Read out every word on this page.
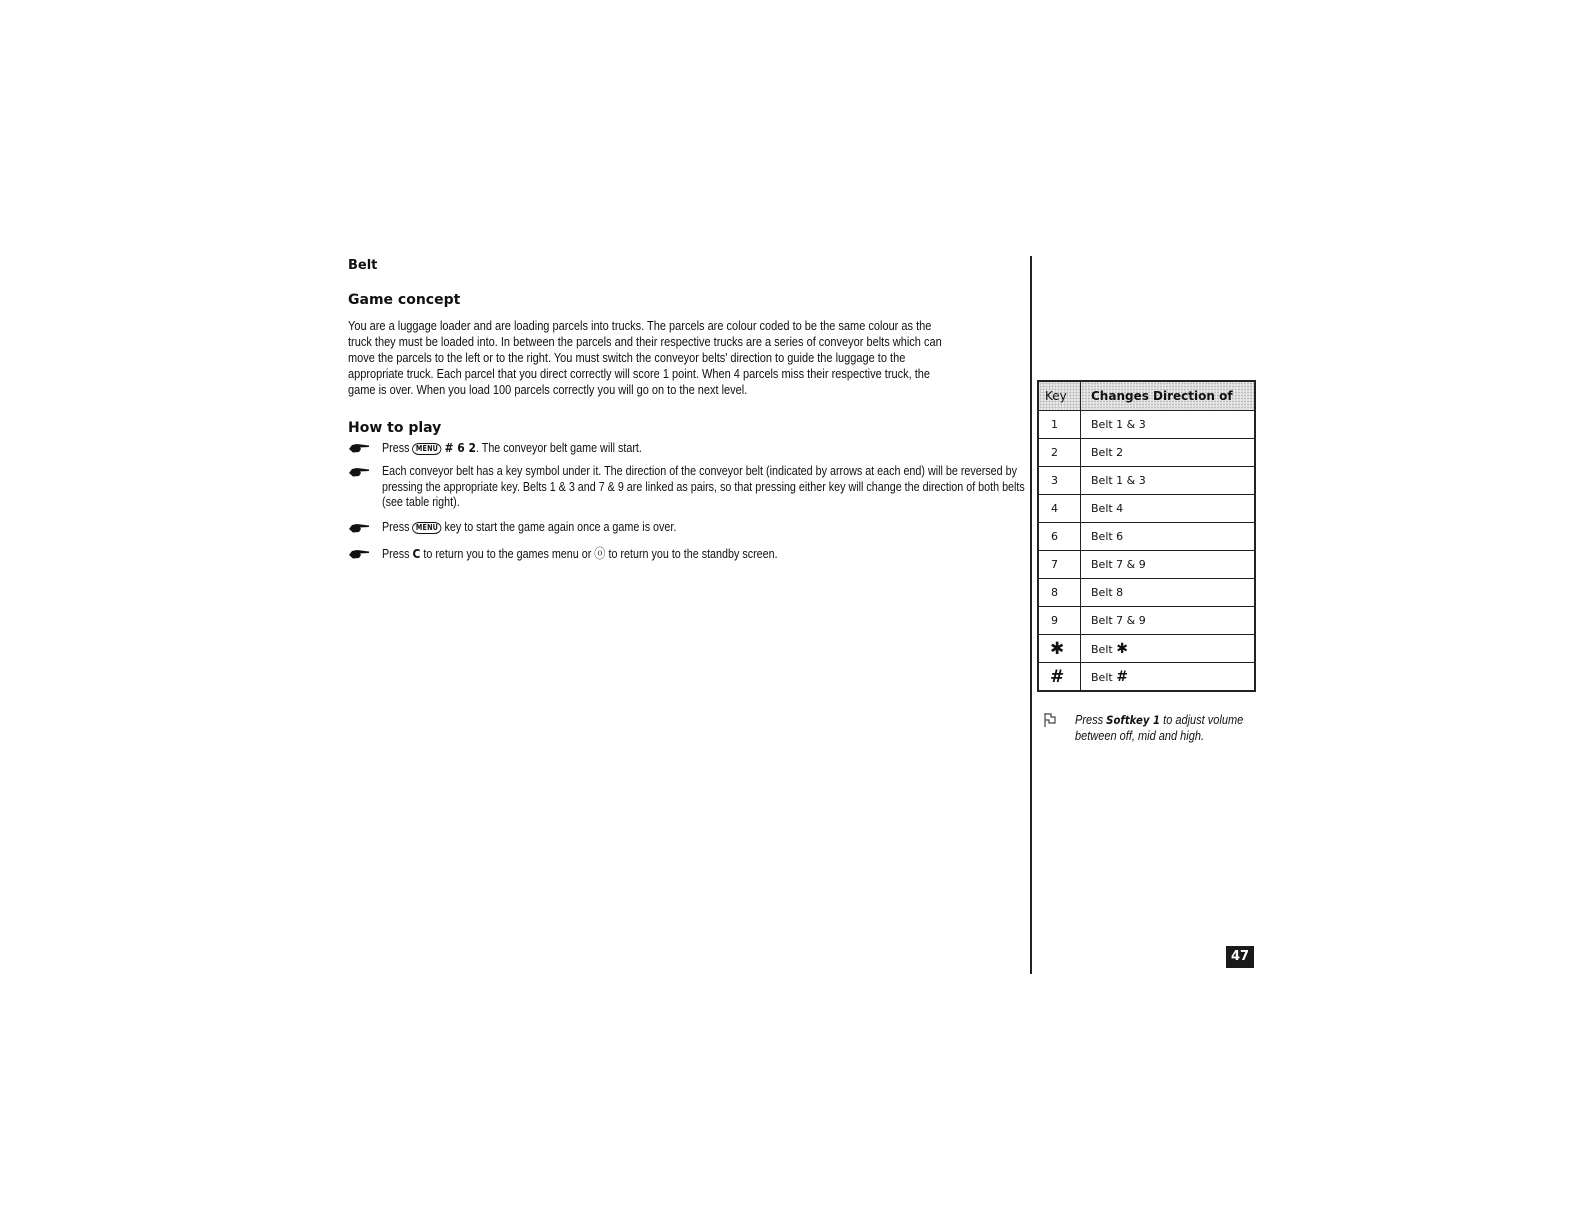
Belt
Game concept

You are a luggage loader and are loading parcels into trucks. The parcels are colour coded to be the same colour as the truck they must be loaded into. In between the parcels and their respective trucks are a series of conveyor belts which can move the parcels to the left or to the right. You must switch the conveyor belts' direction to guide the luggage to the appropriate truck. Each parcel that you direct correctly will score 1 point. When 4 parcels miss their respective truck, the game is over. When you load 100 parcels correctly you will go on to the next level.

How to play
Press MENU # 6 2. The conveyor belt game will start.
Each conveyor belt has a key symbol under it. The direction of the conveyor belt (indicated by arrows at each end) will be reversed by pressing the appropriate key. Belts 1 & 3 and 7 & 9 are linked as pairs, so that pressing either key will change the direction of both belts (see table right).
Press MENU key to start the game again once a game is over.
Press C to return you to the games menu or ⓞ to return you to the standby screen.
Key	Changes Direction of
1	Belt 1 & 3
2	Belt 2
3	Belt 1 & 3
4	Belt 4
6	Belt 6
7	Belt 7 & 9
8	Belt 8
9	Belt 7 & 9
✱	Belt ✱
#	Belt #

Press Softkey 1 to adjust volume between off, mid and high.

47
